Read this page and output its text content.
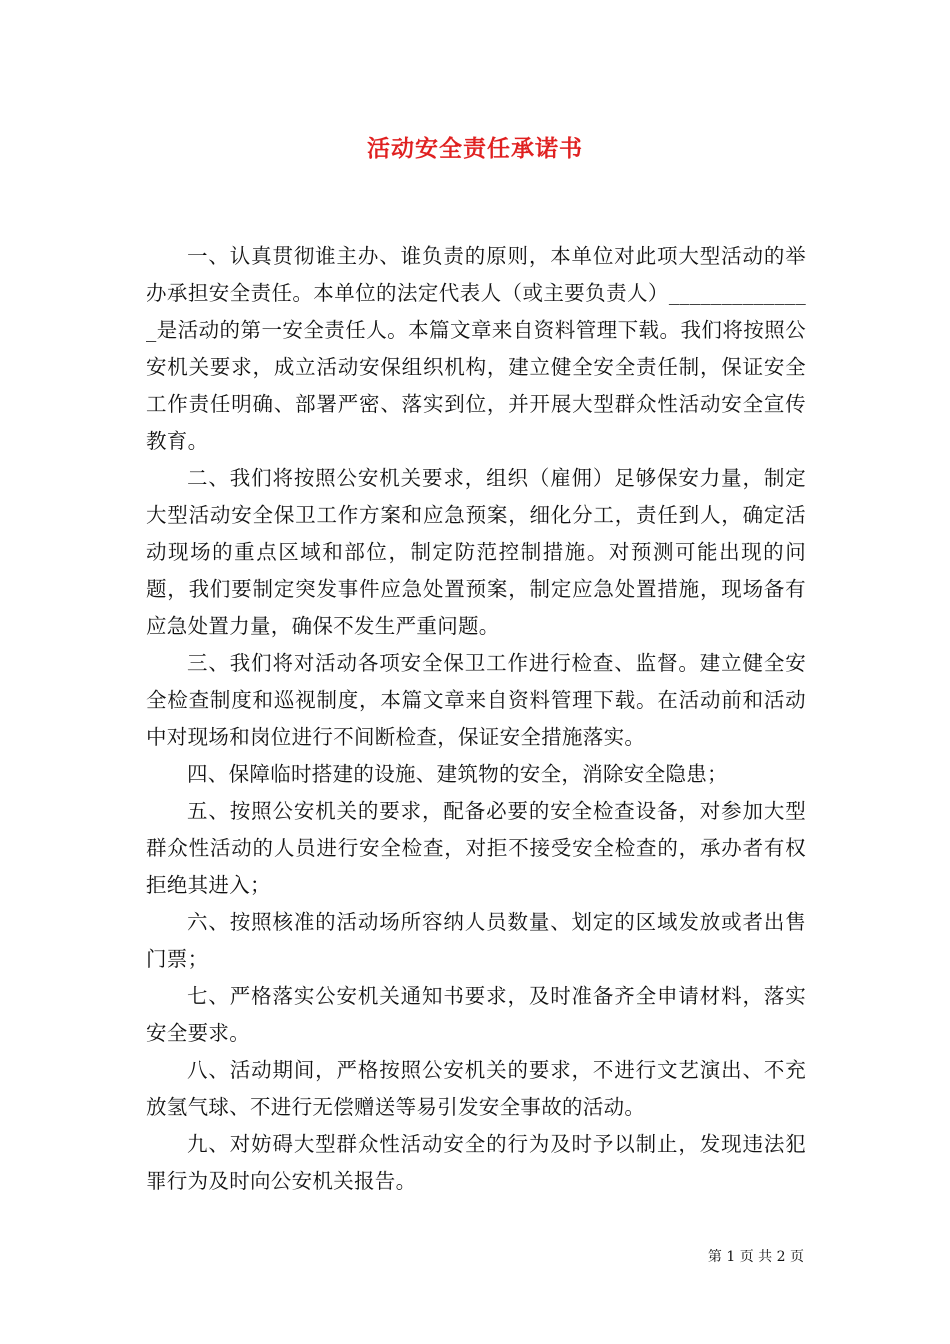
活动安全责任承诺书

一、认真贯彻谁主办、谁负责的原则，本单位对此项大型活动的举办承担安全责任。本单位的法定代表人（或主要负责人）______________是活动的第一安全责任人。本篇文章来自资料管理下载。我们将按照公安机关要求，成立活动安保组织机构，建立健全安全责任制，保证安全工作责任明确、部署严密、落实到位，并开展大型群众性活动安全宣传教育。

二、我们将按照公安机关要求，组织（雇佣）足够保安力量，制定大型活动安全保卫工作方案和应急预案，细化分工，责任到人，确定活动现场的重点区域和部位，制定防范控制措施。对预测可能出现的问题，我们要制定突发事件应急处置预案，制定应急处置措施，现场备有应急处置力量，确保不发生严重问题。

三、我们将对活动各项安全保卫工作进行检查、监督。建立健全安全检查制度和巡视制度，本篇文章来自资料管理下载。在活动前和活动中对现场和岗位进行不间断检查，保证安全措施落实。

四、保障临时搭建的设施、建筑物的安全，消除安全隐患；

五、按照公安机关的要求，配备必要的安全检查设备，对参加大型群众性活动的人员进行安全检查，对拒不接受安全检查的，承办者有权拒绝其进入；

六、按照核准的活动场所容纳人员数量、划定的区域发放或者出售门票；

七、严格落实公安机关通知书要求，及时准备齐全申请材料，落实安全要求。

八、活动期间，严格按照公安机关的要求，不进行文艺演出、不充放氢气球、不进行无偿赠送等易引发安全事故的活动。

九、对妨碍大型群众性活动安全的行为及时予以制止，发现违法犯罪行为及时向公安机关报告。

第 1 页 共 2 页
